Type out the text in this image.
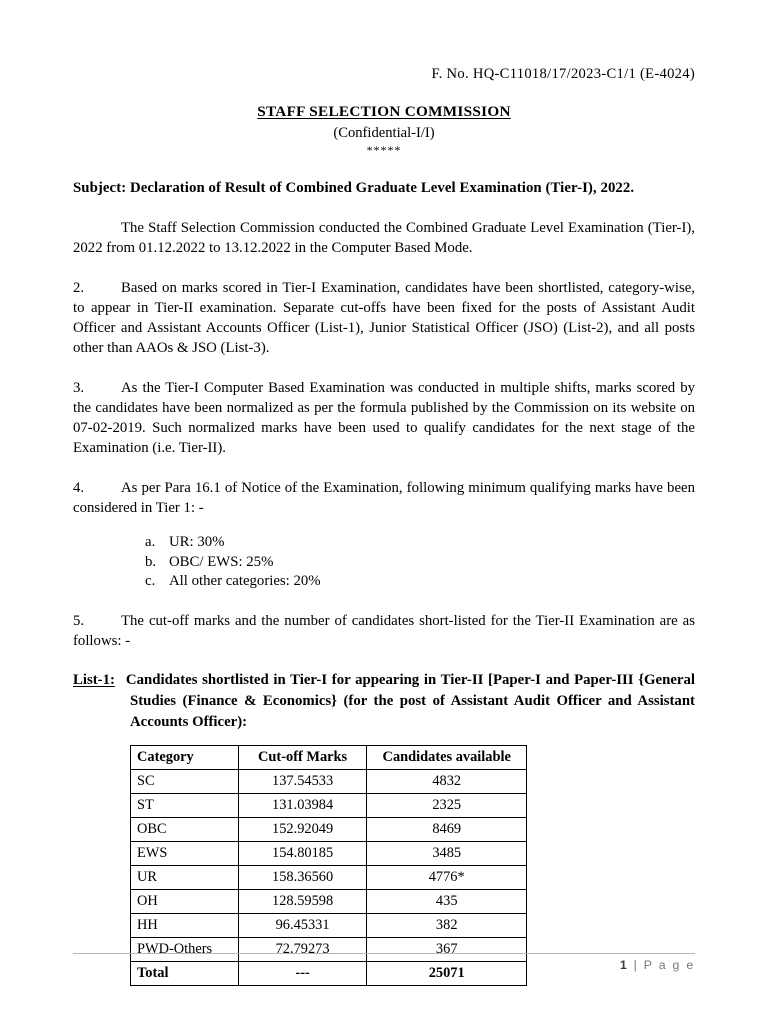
F. No. HQ-C11018/17/2023-C1/1 (E-4024)
STAFF SELECTION COMMISSION
(Confidential-I/I)
*****
Subject: Declaration of Result of Combined Graduate Level Examination (Tier-I), 2022.

The Staff Selection Commission conducted the Combined Graduate Level Examination (Tier-I), 2022 from 01.12.2022 to 13.12.2022 in the Computer Based Mode.

2. Based on marks scored in Tier-I Examination, candidates have been shortlisted, category-wise, to appear in Tier-II examination. Separate cut-offs have been fixed for the posts of Assistant Audit Officer and Assistant Accounts Officer (List-1), Junior Statistical Officer (JSO) (List-2), and all posts other than AAOs & JSO (List-3).

3. As the Tier-I Computer Based Examination was conducted in multiple shifts, marks scored by the candidates have been normalized as per the formula published by the Commission on its website on 07-02-2019. Such normalized marks have been used to qualify candidates for the next stage of the Examination (i.e. Tier-II).

4. As per Para 16.1 of Notice of the Examination, following minimum qualifying marks have been considered in Tier 1: -

a. UR: 30%
b. OBC/ EWS: 25%
c. All other categories: 20%

5. The cut-off marks and the number of candidates short-listed for the Tier-II Examination are as follows: -

List-1: Candidates shortlisted in Tier-I for appearing in Tier-II [Paper-I and Paper-III {General Studies (Finance & Economics} (for the post of Assistant Audit Officer and Assistant Accounts Officer):
Category	Cut-off Marks	Candidates available
SC	137.54533	4832
ST	131.03984	2325
OBC	152.92049	8469
EWS	154.80185	3485
UR	158.36560	4776*
OH	128.59598	435
HH	96.45331	382
PWD-Others	72.79273	367
Total	---	25071
1 | P a g e
